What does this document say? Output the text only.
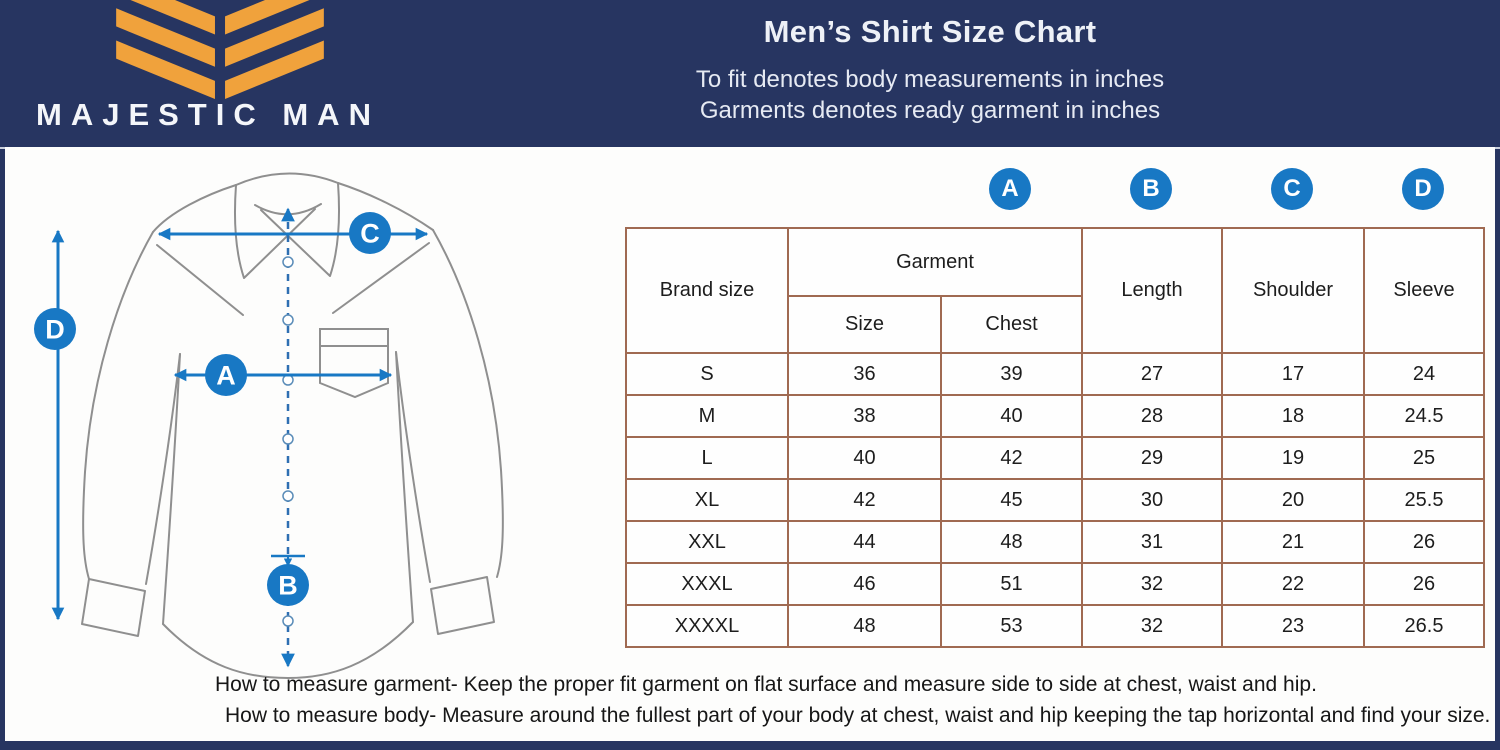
MAJESTIC MAN
Men’s Shirt Size Chart
To fit denotes body measurements in inches
Garments denotes ready garment in inches
C
D
A
B
A	B	C	D
Brand size	Garment		Length	Shoulder	Sleeve
	Size	Chest			
S	36	39	27	17	24
M	38	40	28	18	24.5
L	40	42	29	19	25
XL	42	45	30	20	25.5
XXL	44	48	31	21	26
XXXL	46	51	32	22	26
XXXXL	48	53	32	23	26.5
How to measure garment- Keep the proper fit garment on flat surface and measure side to side at chest, waist and hip.
How to measure body- Measure around the fullest part of your body at chest, waist and hip keeping the tap horizontal and find your size.
